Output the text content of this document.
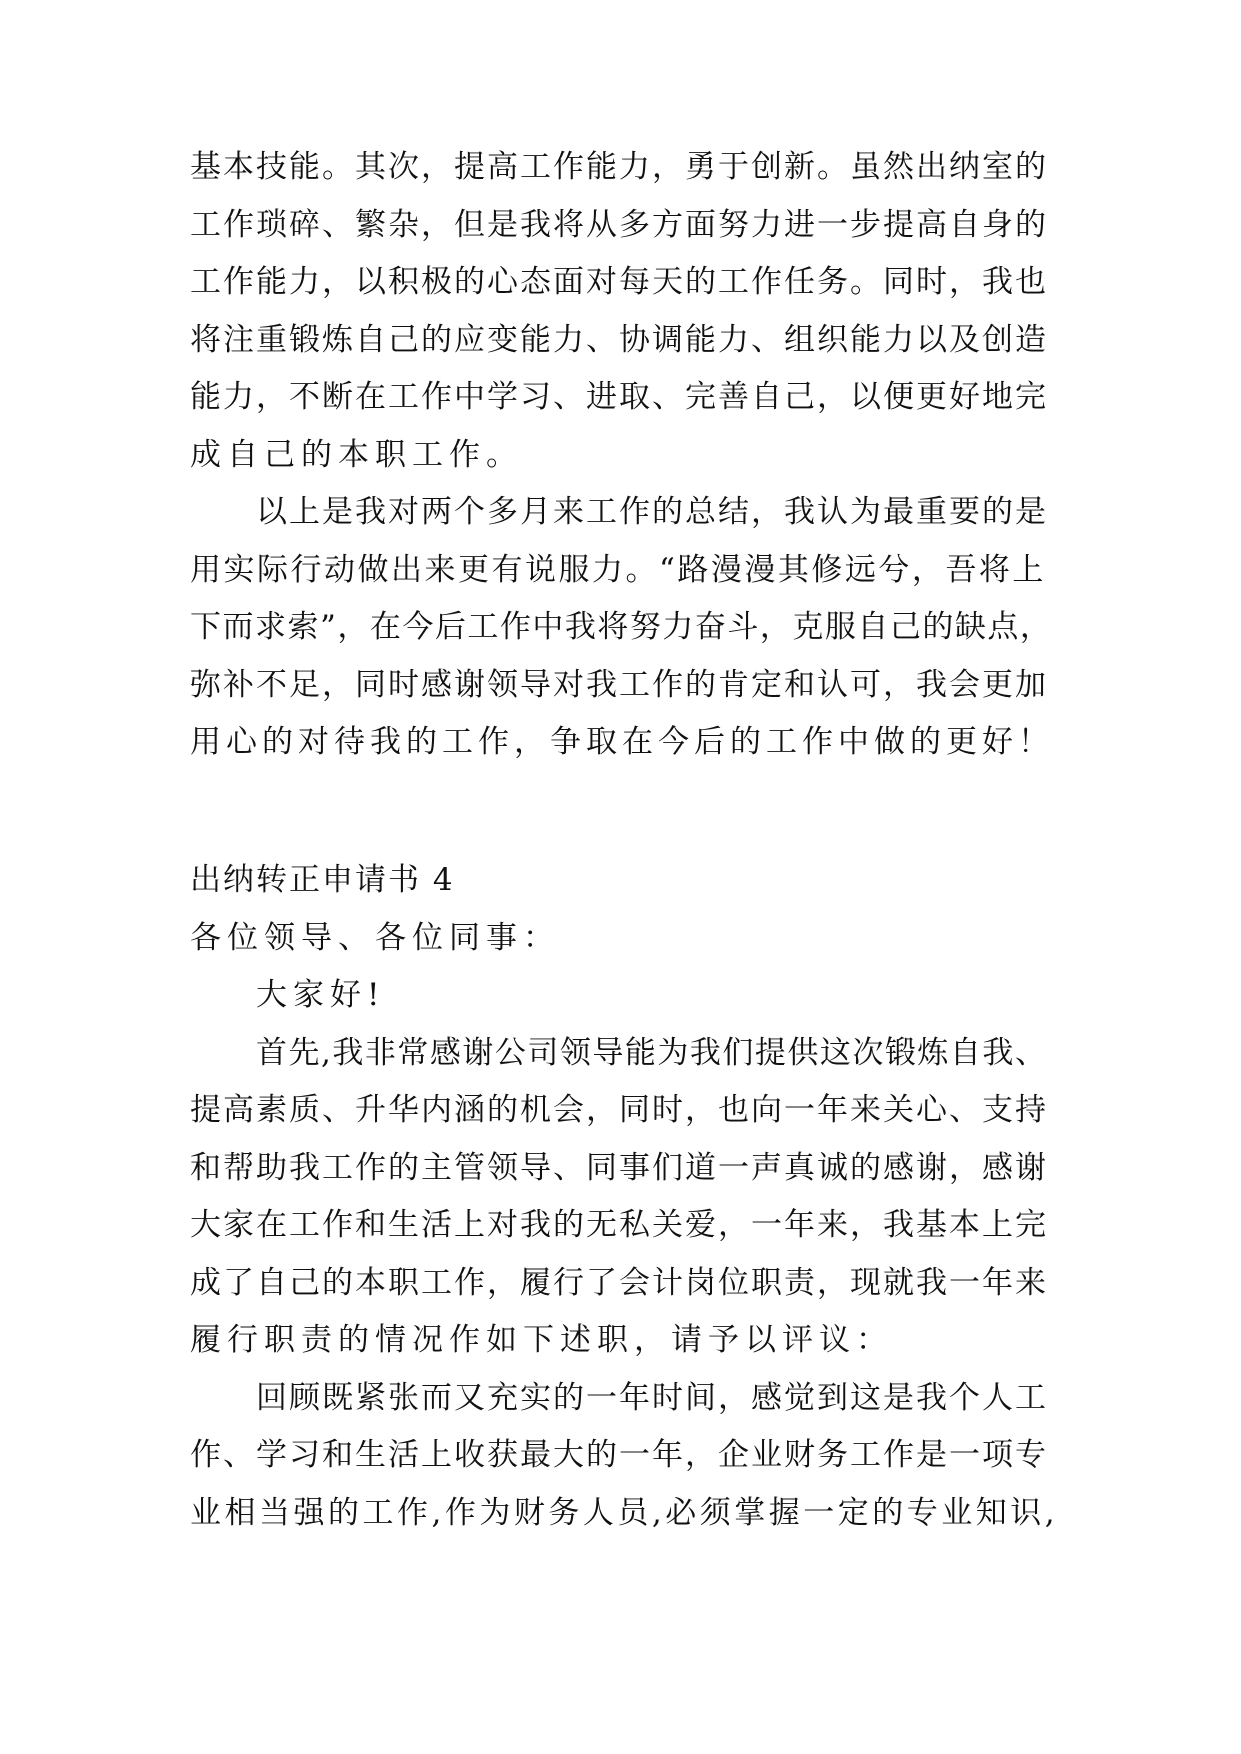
基本技能。其次，提高工作能力，勇于创新。虽然出纳室的
工作琐碎、繁杂，但是我将从多方面努力进一步提高自身的
工作能力，以积极的心态面对每天的工作任务。同时，我也
将注重锻炼自己的应变能力、协调能力、组织能力以及创造
能力，不断在工作中学习、进取、完善自己，以便更好地完
成自己的本职工作。
以上是我对两个多月来工作的总结，我认为最重要的是
用实际行动做出来更有说服力。“路漫漫其修远兮，吾将上
下而求索”，在今后工作中我将努力奋斗，克服自己的缺点，
弥补不足，同时感谢领导对我工作的肯定和认可，我会更加
用心的对待我的工作，争取在今后的工作中做的更好！
出纳转正申请书 4
各位领导、各位同事：
大家好!
首先,我非常感谢公司领导能为我们提供这次锻炼自我、
提高素质、升华内涵的机会，同时，也向一年来关心、支持
和帮助我工作的主管领导、同事们道一声真诚的感谢，感谢
大家在工作和生活上对我的无私关爱，一年来，我基本上完
成了自己的本职工作，履行了会计岗位职责，现就我一年来
履行职责的情况作如下述职，请予以评议：
回顾既紧张而又充实的一年时间，感觉到这是我个人工
作、学习和生活上收获最大的一年，企业财务工作是一项专
业相当强的工作,作为财务人员,必须掌握一定的专业知识,
